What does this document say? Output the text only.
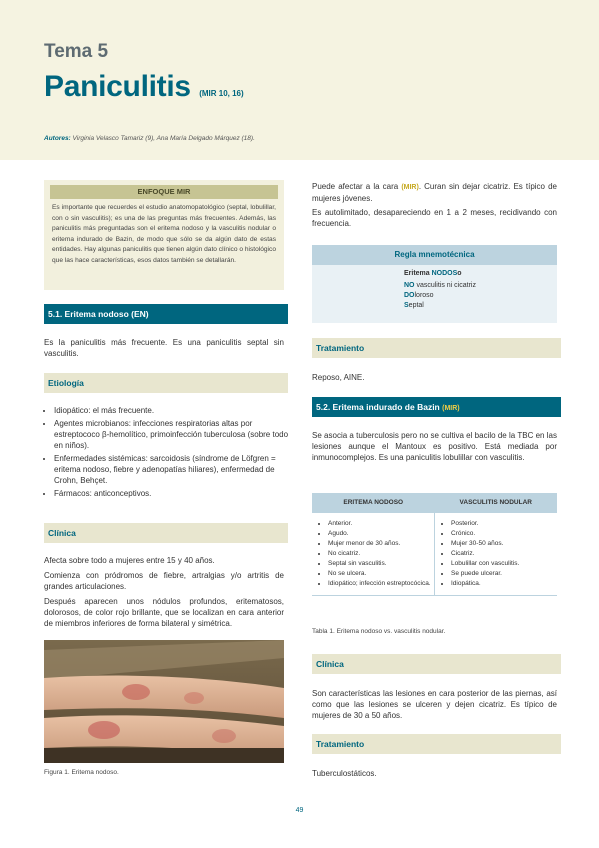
Tema 5
Paniculitis (MIR 10, 16)
Autores: Virginia Velasco Tamariz (9), Ana María Delgado Márquez (18).
ENFOQUE MIR
Es importante que recuerdes el estudio anatomopatológico (septal, lobulillar, con o sin vasculitis); es una de las preguntas más frecuentes. Además, las paniculitis más preguntadas son el eritema nodoso y la vasculitis nodular o eritema indurado de Bazin, de modo que sólo se da algún dato de estas entidades. Hay algunas paniculitis que tienen algún dato clínico o histológico que las hace características, esos datos también se detallarán.
5.1. Eritema nodoso (EN)

Es la paniculitis más frecuente. Es una paniculitis septal sin vasculitis.

Etiología
• Idiopático: el más frecuente.
• Agentes microbianos: infecciones respiratorias altas por estreptococo β-hemolítico, primoinfección tuberculosa (sobre todo en niños).
• Enfermedades sistémicas: sarcoidosis (síndrome de Löfgren = eritema nodoso, fiebre y adenopatías hiliares), enfermedad de Crohn, Behçet.
• Fármacos: anticonceptivos.
Clínica

Afecta sobre todo a mujeres entre 15 y 40 años.

Comienza con pródromos de fiebre, artralgias y/o artritis de grandes articulaciones.

Después aparecen unos nódulos profundos, eritematosos, dolorosos, de color rojo brillante, que se localizan en cara anterior de miembros inferiores de forma bilateral y simétrica.

Figura 1. Eritema nodoso.

Puede afectar a la cara (MIR). Curan sin dejar cicatriz. Es típico de mujeres jóvenes.

Es autolimitado, desapareciendo en 1 a 2 meses, recidivando con frecuencia.

Regla mnemotécnica
Eritema NODOSo
NO vasculitis ni cicatriz
DOloroso
Septal
Tratamiento

Reposo, AINE.

5.2. Eritema indurado de Bazin (MIR)

Se asocia a tuberculosis pero no se cultiva el bacilo de la TBC en las lesiones aunque el Mantoux es positivo. Está mediada por inmunocomplejos. Es una paniculitis lobulillar con vasculitis.

ERITEMA NODOSO	VASCULITIS NODULAR
• Anterior.
• Agudo.
• Mujer menor de 30 años.
• No cicatriz.
• Septal sin vasculitis.
• No se ulcera.
• Idiopático; infección estreptocócica.
• Posterior.
• Crónico.
• Mujer 30-50 años.
• Cicatriz.
• Lobulillar con vasculitis.
• Se puede ulcerar.
• Idiopática.
Tabla 1. Eritema nodoso vs. vasculitis nodular.
Clínica

Son características las lesiones en cara posterior de las piernas, así como que las lesiones se ulceren y dejen cicatriz. Es típico de mujeres de 30 a 50 años.

Tratamiento

Tuberculostáticos.

49
